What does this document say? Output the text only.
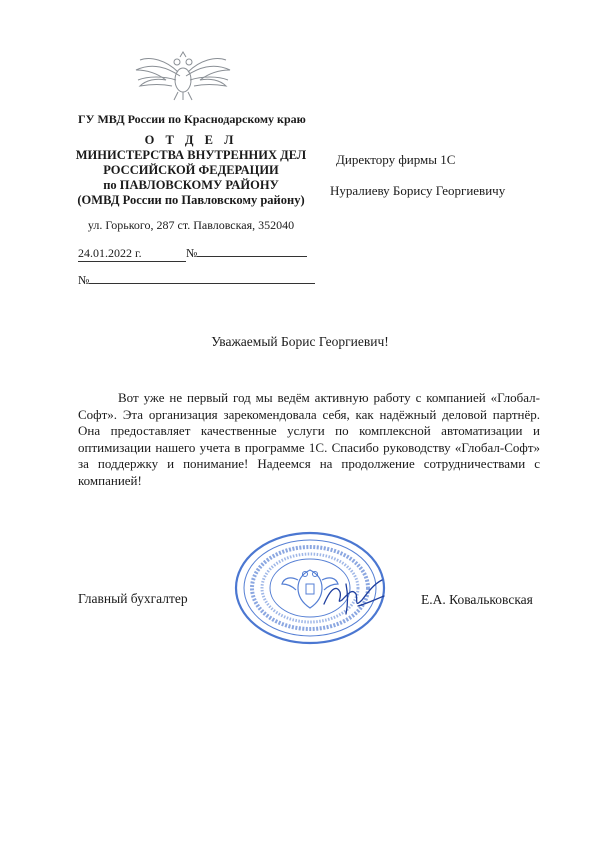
ГУ МВД России по Краснодарскому краю
О Т Д Е Л
МИНИСТЕРСТВА ВНУТРЕННИХ ДЕЛ
РОССИЙСКОЙ ФЕДЕРАЦИИ
по ПАВЛОВСКОМУ РАЙОНУ
(ОМВД России по Павловскому району)
ул. Горького, 287 ст. Павловская, 352040
24.01.2022 г.	№
№
Директору фирмы 1С
Нуралиеву Борису Георгиевичу
Уважаемый Борис Георгиевич!
Вот уже не первый год мы ведём активную работу с компанией «Глобал-Софт». Эта организация зарекомендовала себя, как надёжный деловой партнёр. Она предоставляет качественные услуги по комплексной автоматизации и оптимизации нашего учета в программе 1С. Спасибо руководству «Глобал-Софт» за поддержку и понимание! Надеемся на продолжение сотрудничествами с компанией!
Главный бухгалтер	Е.А. Ковальковская
